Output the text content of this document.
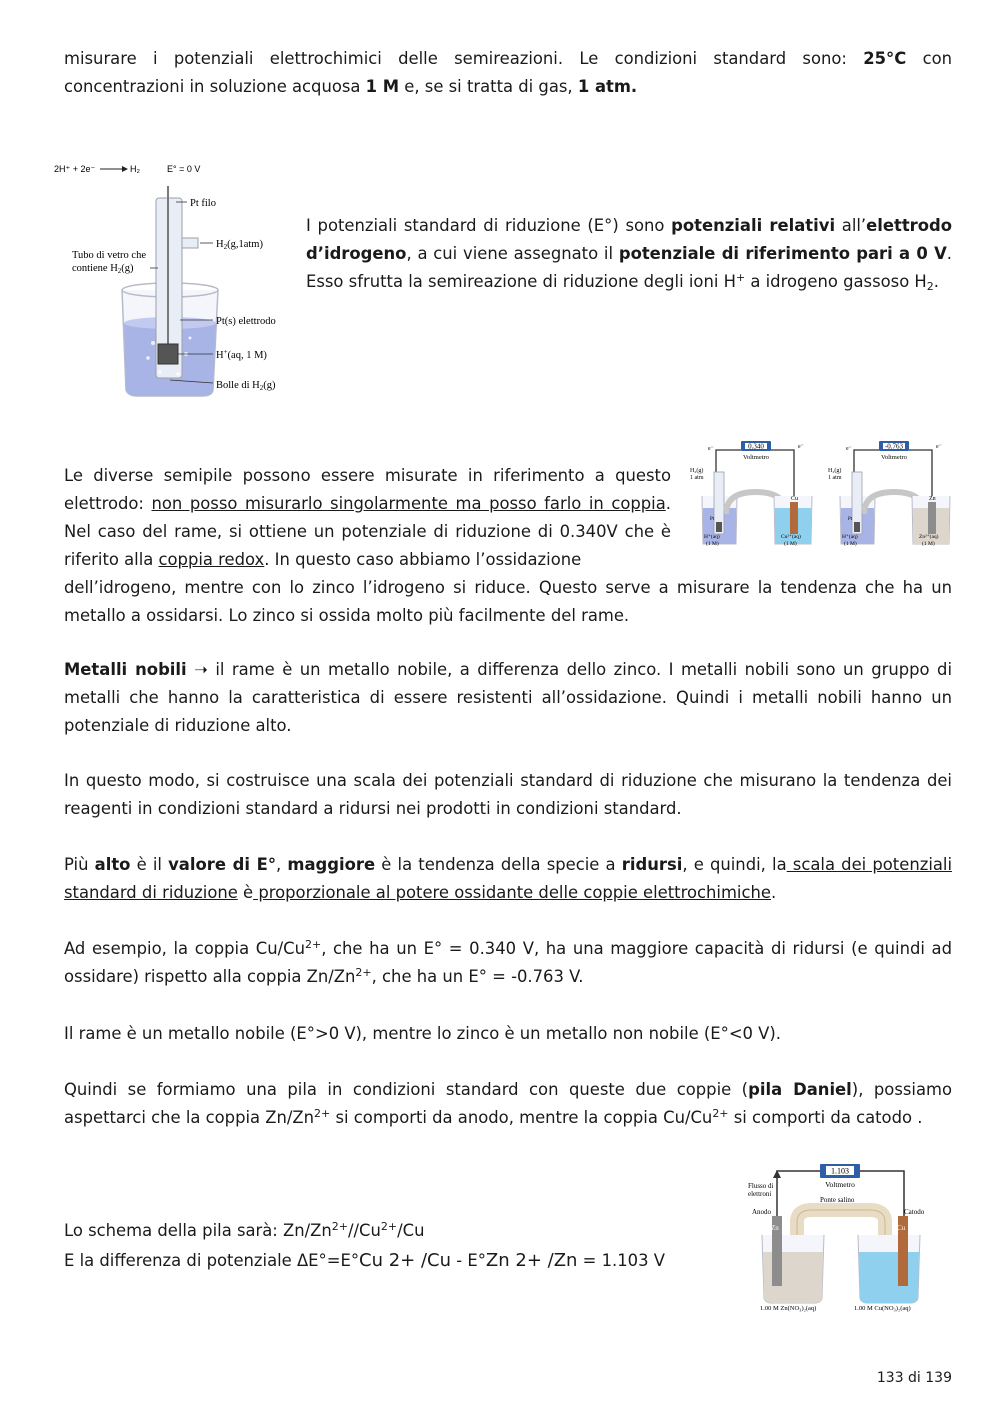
misurare i potenziali elettrochimici delle semireazioni. Le condizioni standard sono: 25°C con concentrazioni in soluzione acquosa 1 M e, se si tratta di gas, 1 atm.

2H⁺ + 2e⁻	H₂	E° = 0 V
Pt filo
H2(g,1atm)
Tubo di vetro che
contiene H2(g)
Pt(s) elettrodo
H+(aq, 1 M)
Bolle di H2(g)

I potenziali standard di riduzione (E°) sono potenziali relativi all’elettrodo d’idrogeno, a cui viene assegnato il potenziale di riferimento pari a 0 V. Esso sfrutta la semireazione di riduzione degli ioni H+ a idrogeno gassoso $H_2$.

0.340
Voltmetro
e⁻	e⁻
H₂(g)
1 atm
Pt
Cu
H⁺(aq)
(1 M)
Cu²⁺(aq)
(1 M)
-0.763
Voltmetro
e⁻	e⁻
H₂(g)
1 atm
Pt
Zn
H⁺(aq)
(1 M)
Zn²⁺(aq)
(1 M)

Le diverse semipile possono essere misurate in riferimento a questo elettrodo: non posso misurarlo singolarmente ma posso farlo in coppia. Nel caso del rame, si ottiene un potenziale di riduzione di 0.340V che è riferito alla coppia redox. In questo caso abbiamo l’ossidazione

dell’idrogeno, mentre con lo zinco l’idrogeno si riduce. Questo serve a misurare la tendenza che ha un metallo a ossidarsi. Lo zinco si ossida molto più facilmente del rame.

Metalli nobili ➝ il rame è un metallo nobile, a differenza dello zinco. I metalli nobili sono un gruppo di metalli che hanno la caratteristica di essere resistenti all’ossidazione. Quindi i metalli nobili hanno un potenziale di riduzione alto.

In questo modo, si costruisce una scala dei potenziali standard di riduzione che misurano la tendenza dei reagenti in condizioni standard a ridursi nei prodotti in condizioni standard.

Più alto è il valore di E°, maggiore è la tendenza della specie a ridursi, e quindi, la scala dei potenziali standard di riduzione è proporzionale al potere ossidante delle coppie elettrochimiche.

Ad esempio, la coppia $Cu/Cu^{2+}$, che ha un E° = 0.340 V, ha una maggiore capacità di ridursi (e quindi ad ossidare) rispetto alla coppia $Zn/Zn^{2+}$, che ha un E° = -0.763 V.

Il rame è un metallo nobile (E°>0 V), mentre lo zinco è un metallo non nobile (E°<0 V).

Quindi se formiamo una pila in condizioni standard con queste due coppie (pila Daniel), possiamo aspettarci che la coppia $Zn/Zn^{2+}$ si comporti da anodo, mentre la coppia $Cu/Cu^{2+}$ si comporti da catodo .

Lo schema della pila sarà: $Zn/Zn^{2+}//Cu^{2+}/Cu$

E la differenza di potenziale ΔE°=E°Cu 2+ /Cu - E°Zn 2+ /Zn = 1.103 V

1.103
Voltmetro
Flusso di
elettroni
Ponte salino
KNO₃(aq)
Anodo	Catodo
Zn	Cu
1.00 M Zn(NO₃)₂(aq)	1.00 M Cu(NO₃)₂(aq)
133 di 139
